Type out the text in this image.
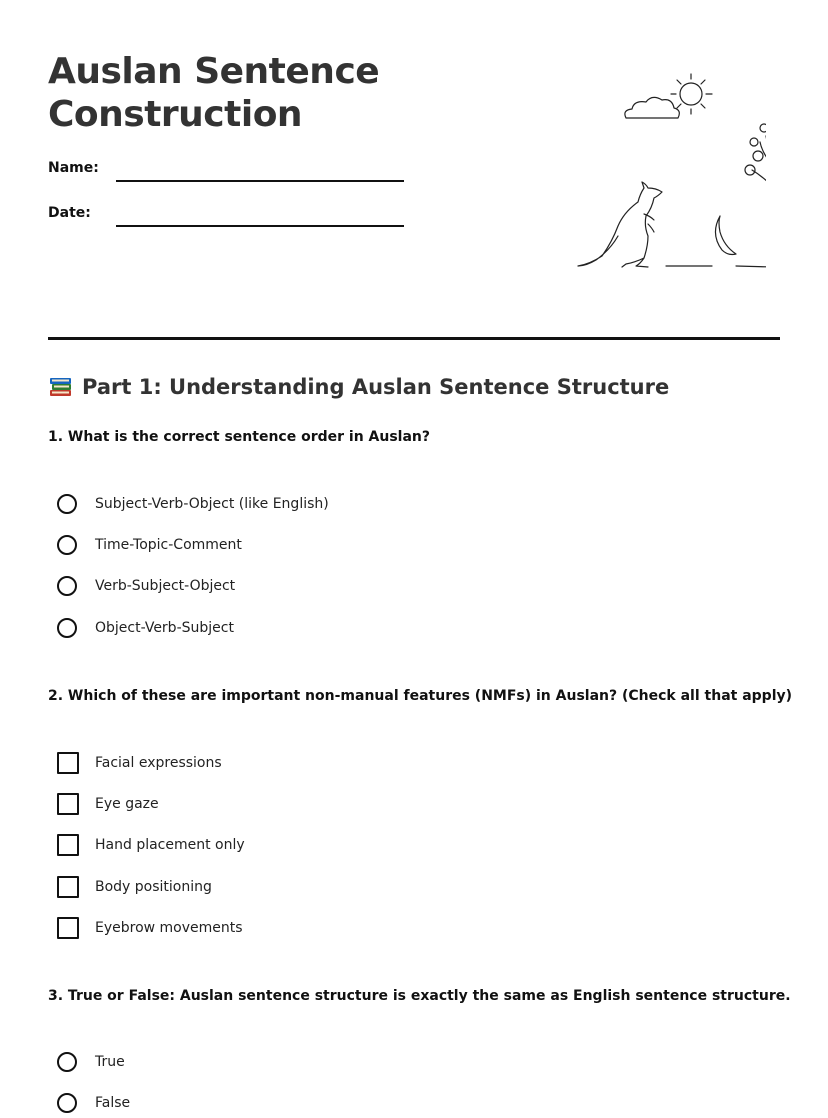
Auslan Sentence
Construction
Name:
Date:
Part 1: Understanding Auslan Sentence Structure

1. What is the correct sentence order in Auslan?

Subject-Verb-Object (like English)
Time-Topic-Comment
Verb-Subject-Object
Object-Verb-Subject

2. Which of these are important non-manual features (NMFs) in Auslan? (Check all that apply)

Facial expressions
Eye gaze
Hand placement only
Body positioning
Eyebrow movements

3. True or False: Auslan sentence structure is exactly the same as English sentence structure.

True
False
